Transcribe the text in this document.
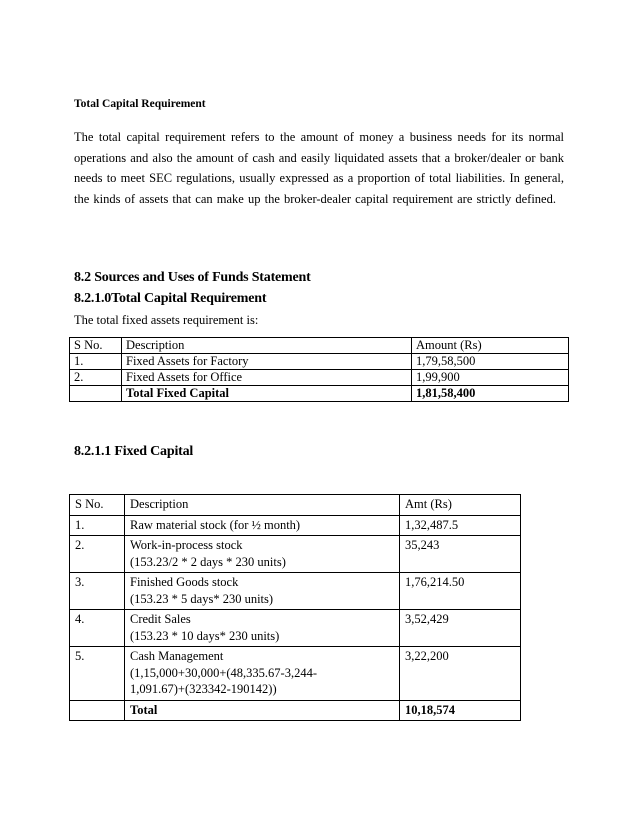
Total Capital Requirement
The total capital requirement refers to the amount of money a business needs for its normal operations and also the amount of cash and easily liquidated assets that a broker/dealer or bank needs to meet SEC regulations, usually expressed as a proportion of total liabilities. In general, the kinds of assets that can make up the broker-dealer capital requirement are strictly defined.
8.2 Sources and Uses of Funds Statement
8.2.1.0Total Capital Requirement
The total fixed assets requirement is:
S No.	Description	Amount (Rs)
1.	Fixed Assets for Factory	1,79,58,500
2.	Fixed Assets for Office	1,99,900
	Total Fixed Capital	1,81,58,400
8.2.1.1 Fixed Capital
S No.	Description	Amt (Rs)
1.	Raw material stock (for ½ month)	1,32,487.5
2.	Work-in-process stock
(153.23/2 * 2 days * 230 units)	35,243
3.	Finished Goods stock
(153.23 * 5 days* 230 units)	1,76,214.50
4.	Credit Sales
(153.23 * 10 days* 230 units)	3,52,429
5.	Cash Management
(1,15,000+30,000+(48,335.67-3,244-
1,091.67)+(323342-190142))	3,22,200
	Total	10,18,574
